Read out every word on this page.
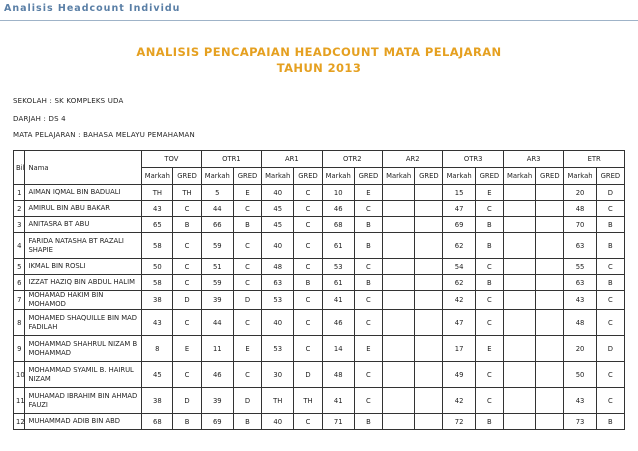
Analisis Headcount Individu
ANALISIS PENCAPAIAN HEADCOUNT MATA PELAJARAN
TAHUN 2013
SEKOLAH : SK KOMPLEKS UDA
DARJAH : DS 4
MATA PELAJARAN : BAHASA MELAYU PEMAHAMAN
Bil	Nama	TOV		OTR1		AR1		OTR2		AR2		OTR3		AR3		ETR	
		Markah	GRED	Markah	GRED	Markah	GRED	Markah	GRED	Markah	GRED	Markah	GRED	Markah	GRED	Markah	GRED
1	AIMAN IQMAL BIN BADUALI	TH	TH	5	E	40	C	10	E			15	E			20	D
2	AMIRUL BIN ABU BAKAR	43	C	44	C	45	C	46	C			47	C			48	C
3	ANITASRA BT ABU	65	B	66	B	45	C	68	B			69	B			70	B
4	FARIDA NATASHA BT RAZALI SHAPIE	58	C	59	C	40	C	61	B			62	B			63	B
5	IKMAL BIN ROSLI	50	C	51	C	48	C	53	C			54	C			55	C
6	IZZAT HAZIQ BIN ABDUL HALIM	58	C	59	C	63	B	61	B			62	B			63	B
7	MOHAMAD HAKIM BIN MOHAMOD	38	D	39	D	53	C	41	C			42	C			43	C
8	MOHAMED SHAQUILLE BIN MAD FADILAH	43	C	44	C	40	C	46	C			47	C			48	C
9	MOHAMMAD SHAHRUL NIZAM B MOHAMMAD	8	E	11	E	53	C	14	E			17	E			20	D
10	MOHAMMAD SYAMIL B. HAIRUL NIZAM	45	C	46	C	30	D	48	C			49	C			50	C
11	MUHAMAD IBRAHIM BIN AHMAD FAUZI	38	D	39	D	TH	TH	41	C			42	C			43	C
12	MUHAMMAD ADIB BIN ABD	68	B	69	B	40	C	71	B			72	B			73	B
